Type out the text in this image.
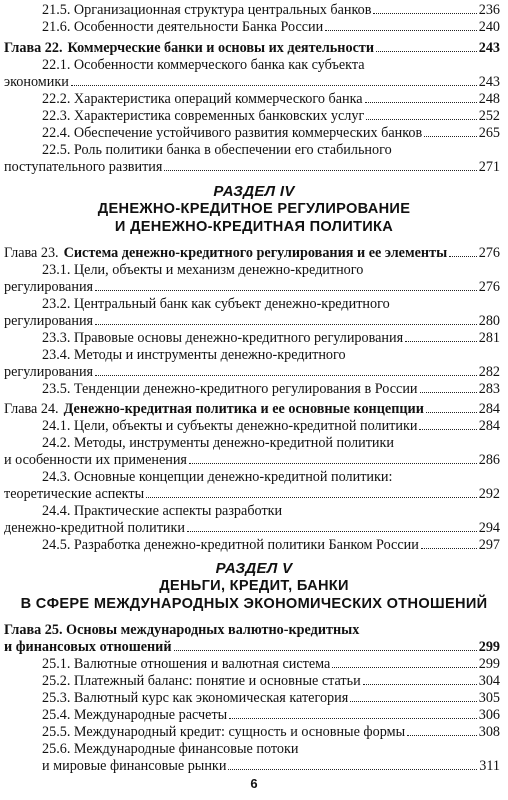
21.5. Организационная структура центральных банков	236
21.6. Особенности деятельности Банка России	240
Глава 22. Коммерческие банки и основы их деятельности	243
22.1. Особенности коммерческого банка как субъекта
экономики	243
22.2. Характеристика операций коммерческого банка	248
22.3. Характеристика современных банковских услуг	252
22.4. Обеспечение устойчивого развития коммерческих банков	265
22.5. Роль политики банка в обеспечении его стабильного
поступательного развития	271
РАЗДЕЛ IV
ДЕНЕЖНО-КРЕДИТНОЕ РЕГУЛИРОВАНИЕ
И ДЕНЕЖНО-КРЕДИТНАЯ ПОЛИТИКА
Глава 23. Система денежно-кредитного регулирования и ее элементы 276
23.1. Цели, объекты и механизм денежно-кредитного
регулирования	276
23.2. Центральный банк как субъект денежно-кредитного
регулирования	280
23.3. Правовые основы денежно-кредитного регулирования	281
23.4. Методы и инструменты денежно-кредитного
регулирования	282
23.5. Тенденции денежно-кредитного регулирования в России	283
Глава 24. Денежно-кредитная политика и ее основные концепции	284
24.1. Цели, объекты и субъекты денежно-кредитной политики	284
24.2. Методы, инструменты денежно-кредитной политики
и особенности их применения	286
24.3. Основные концепции денежно-кредитной политики:
теоретические аспекты	292
24.4. Практические аспекты разработки
денежно-кредитной политики	294
24.5. Разработка денежно-кредитной политики Банком России	297
РАЗДЕЛ V
ДЕНЬГИ, КРЕДИТ, БАНКИ
В СФЕРЕ МЕЖДУНАРОДНЫХ ЭКОНОМИЧЕСКИХ ОТНОШЕНИЙ
Глава 25. Основы международных валютно-кредитных
и финансовых отношений	299
25.1. Валютные отношения и валютная система	299
25.2. Платежный баланс: понятие и основные статьи	304
25.3. Валютный курс как экономическая категория	305
25.4. Международные расчеты	306
25.5. Международный кредит: сущность и основные формы	308
25.6. Международные финансовые потоки
и мировые финансовые рынки	311
6
